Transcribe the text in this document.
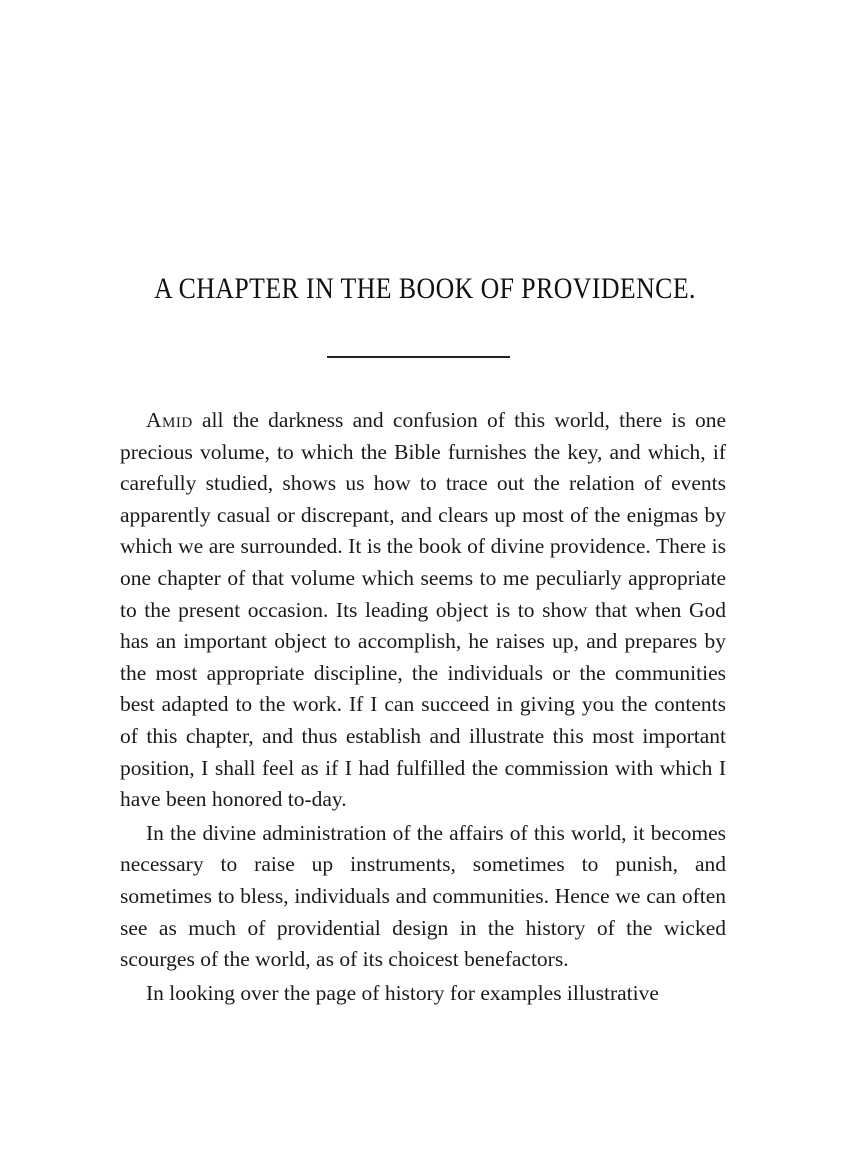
A CHAPTER IN THE BOOK OF PROVIDENCE.

Amid all the darkness and confusion of this world, there is one precious volume, to which the Bible furnishes the key, and which, if carefully studied, shows us how to trace out the relation of events apparently casual or discrepant, and clears up most of the enigmas by which we are surrounded. It is the book of divine providence. There is one chapter of that volume which seems to me peculiarly appropriate to the present occasion. Its leading object is to show that when God has an important object to accomplish, he raises up, and prepares by the most appropriate discipline, the individuals or the communities best adapted to the work. If I can succeed in giving you the contents of this chapter, and thus establish and illustrate this most important position, I shall feel as if I had fulfilled the commission with which I have been honored to-day.

In the divine administration of the affairs of this world, it becomes necessary to raise up instruments, sometimes to punish, and sometimes to bless, individuals and communities. Hence we can often see as much of providential design in the history of the wicked scourges of the world, as of its choicest benefactors.

In looking over the page of history for examples illustrative
